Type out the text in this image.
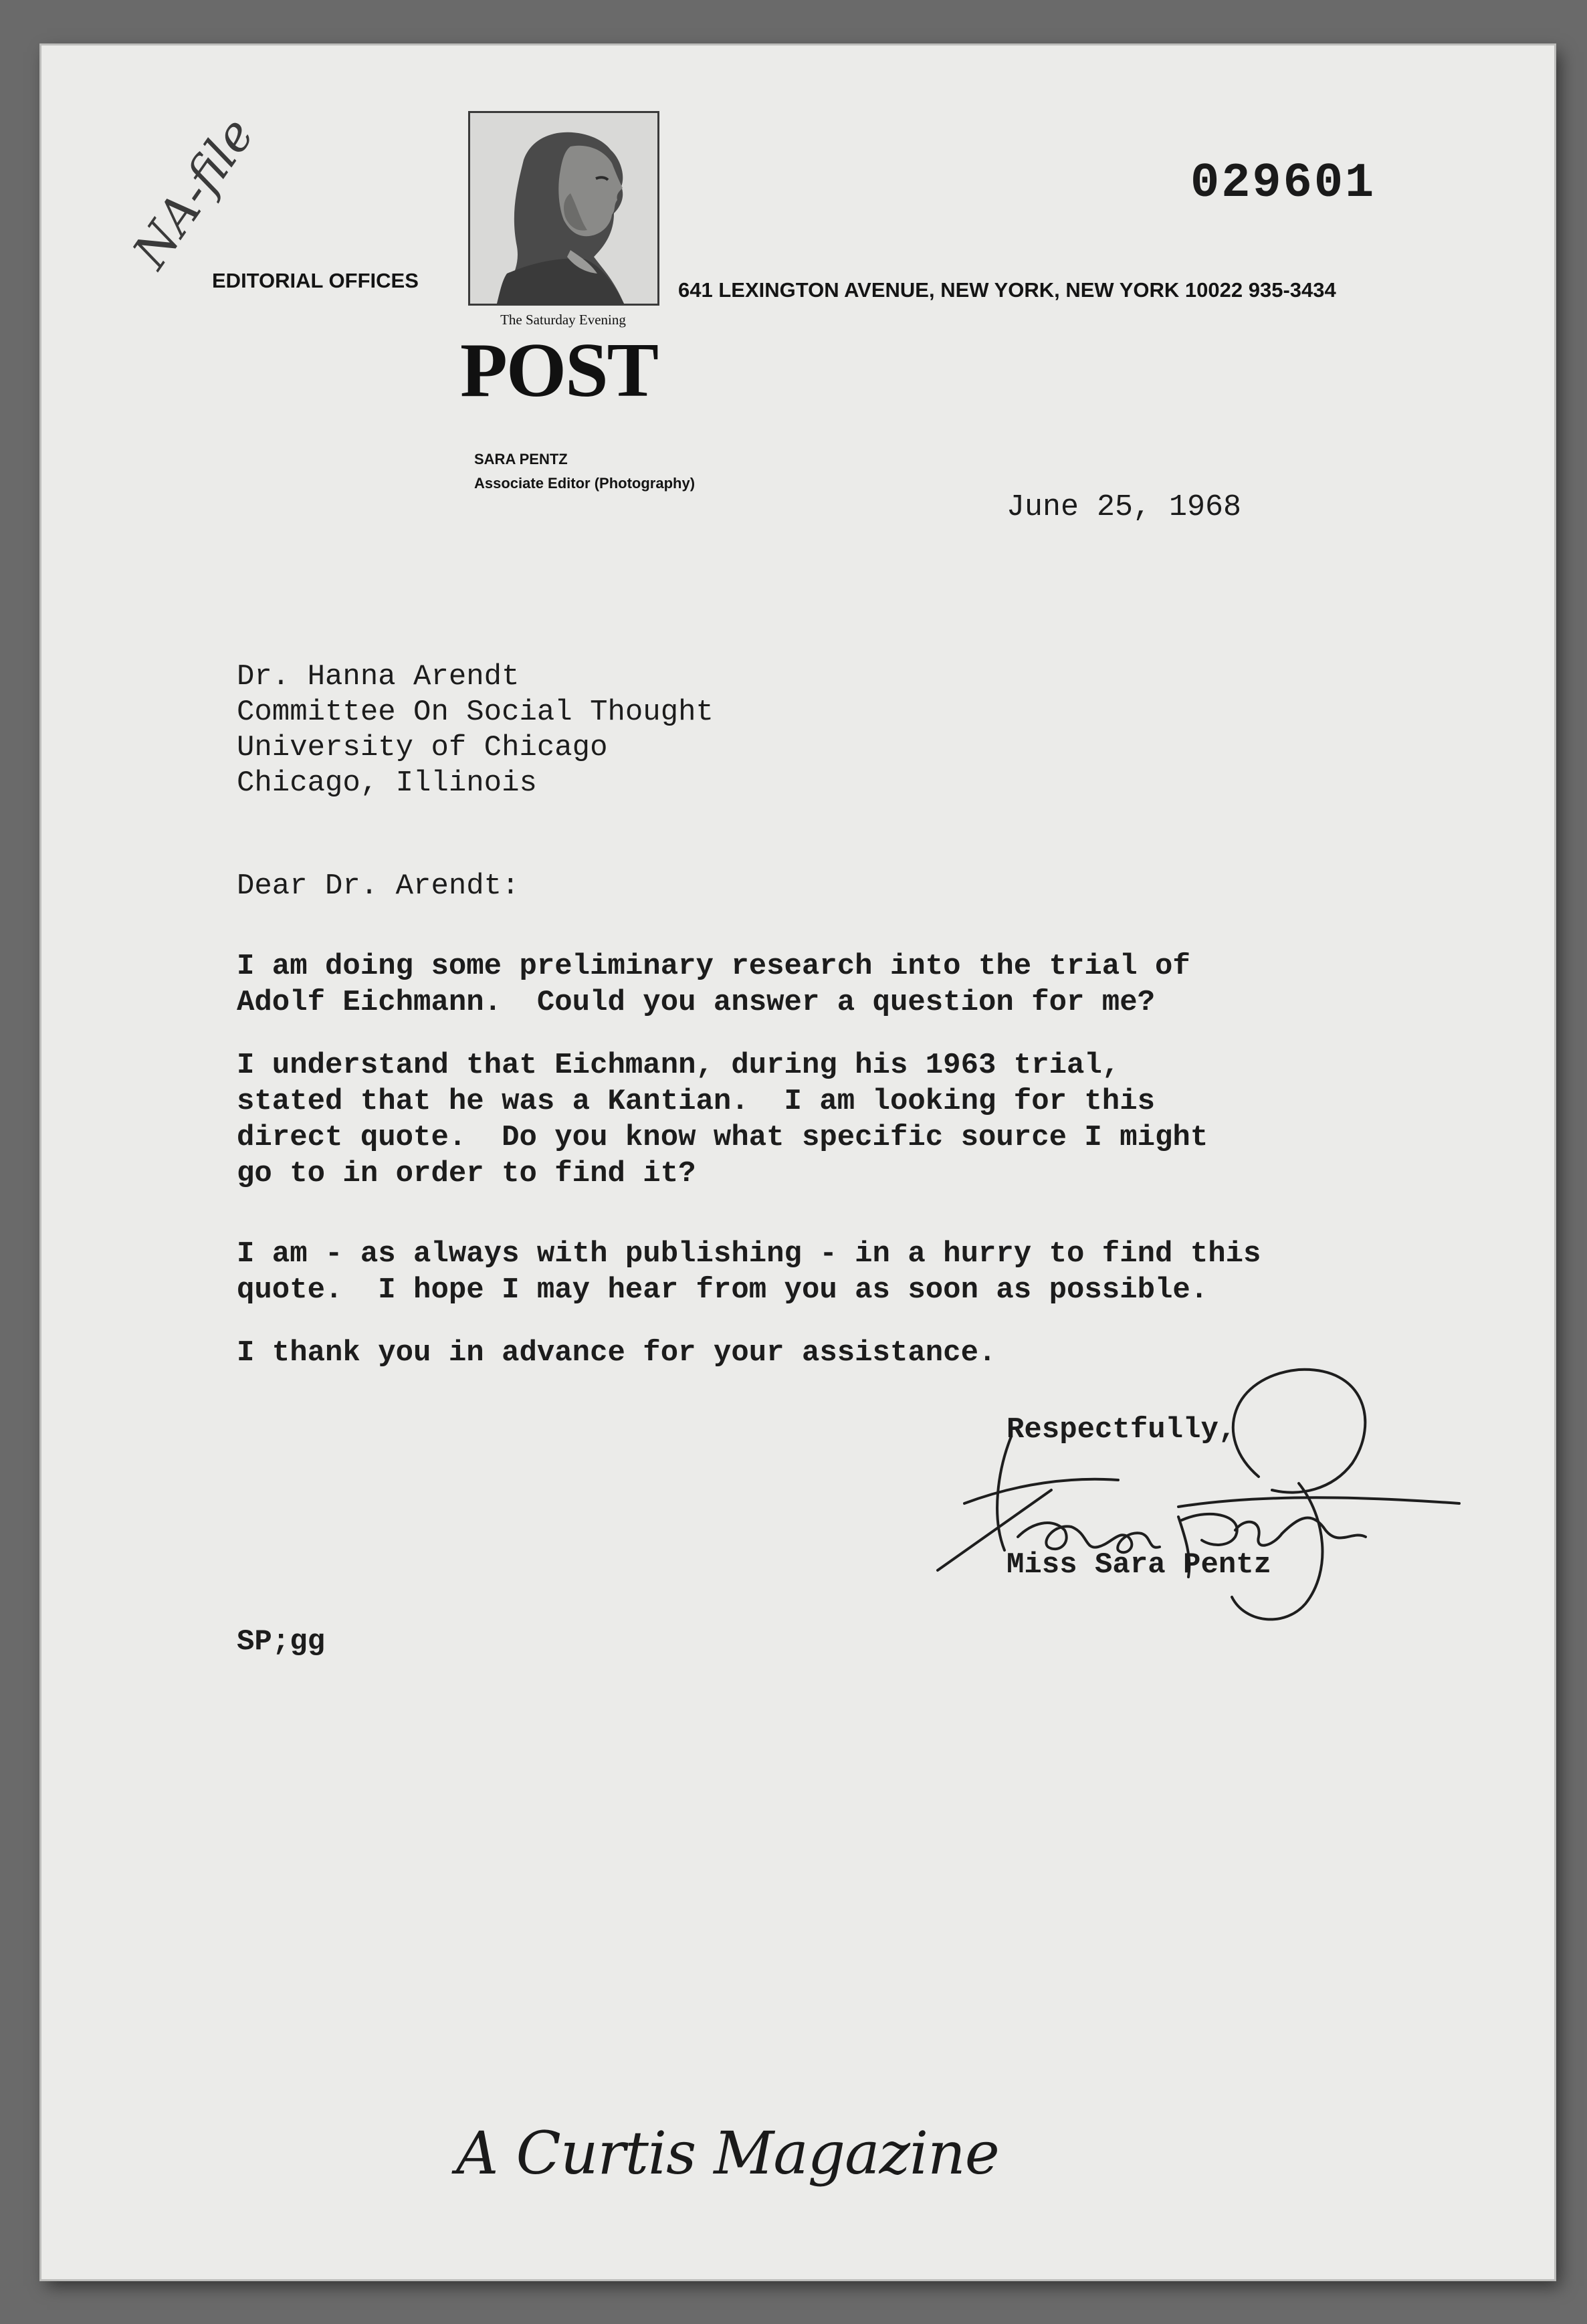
NA-file	029601
EDITORIAL OFFICES	641 LEXINGTON AVENUE, NEW YORK, NEW YORK 10022 935-3434
The Saturday Evening
POST
SARA PENTZ
Associate Editor (Photography)
June 25, 1968
Dr. Hanna Arendt
Committee On Social Thought
University of Chicago
Chicago, Illinois
Dear Dr. Arendt:
I am doing some preliminary research into the trial of
Adolf Eichmann.  Could you answer a question for me?
I understand that Eichmann, during his 1963 trial,
stated that he was a Kantian.  I am looking for this
direct quote.  Do you know what specific source I might
go to in order to find it?
I am - as always with publishing - in a hurry to find this
quote.  I hope I may hear from you as soon as possible.
I thank you in advance for your assistance.
Respectfully,
Miss Sara Pentz
SP;gg
A Curtis Magazine
